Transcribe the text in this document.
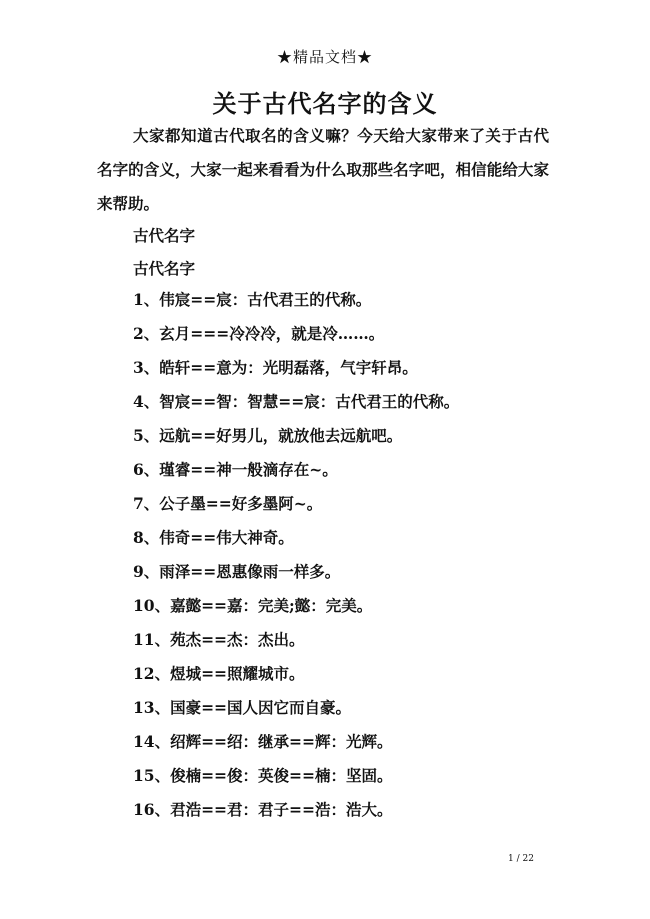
★精品文档★
关于古代名字的含义

大家都知道古代取名的含义嘛？今天给大家带来了关于古代名字的含义，大家一起来看看为什么取那些名字吧，相信能给大家来帮助。

古代名字
古代名字
1、伟宸==宸：古代君王的代称。
2、玄月===冷冷冷，就是冷……。
3、皓轩==意为：光明磊落，气宇轩昂。
4、智宸==智：智慧==宸：古代君王的代称。
5、远航==好男儿，就放他去远航吧。
6、瑾睿==神一般滴存在~。
7、公子墨==好多墨阿~。
8、伟奇==伟大神奇。
9、雨泽==恩惠像雨一样多。
10、嘉懿==嘉：完美;懿：完美。
11、苑杰==杰：杰出。
12、煜城==照耀城市。
13、国豪==国人因它而自豪。
14、绍辉==绍：继承==辉：光辉。
15、俊楠==俊：英俊==楠：坚固。
16、君浩==君：君子==浩：浩大。
1 / 22
